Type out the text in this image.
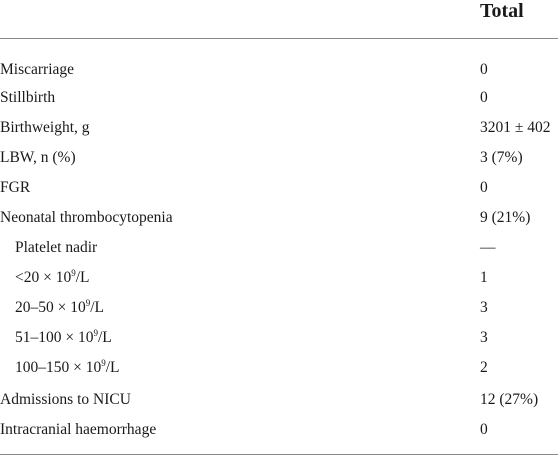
Total
Miscarriage	0
Stillbirth	0
Birthweight, g	3201 ± 402
LBW, n (%)	3 (7%)
FGR	0
Neonatal thrombocytopenia	9 (21%)
Platelet nadir	—
$<20 \times 10^9/L$	1
$20-50 \times 10^9/L$	3
$51-100 \times 10^9/L$	3
$100-150 \times 10^9/L$	2
Admissions to NICU	12 (27%)
Intracranial haemorrhage	0
